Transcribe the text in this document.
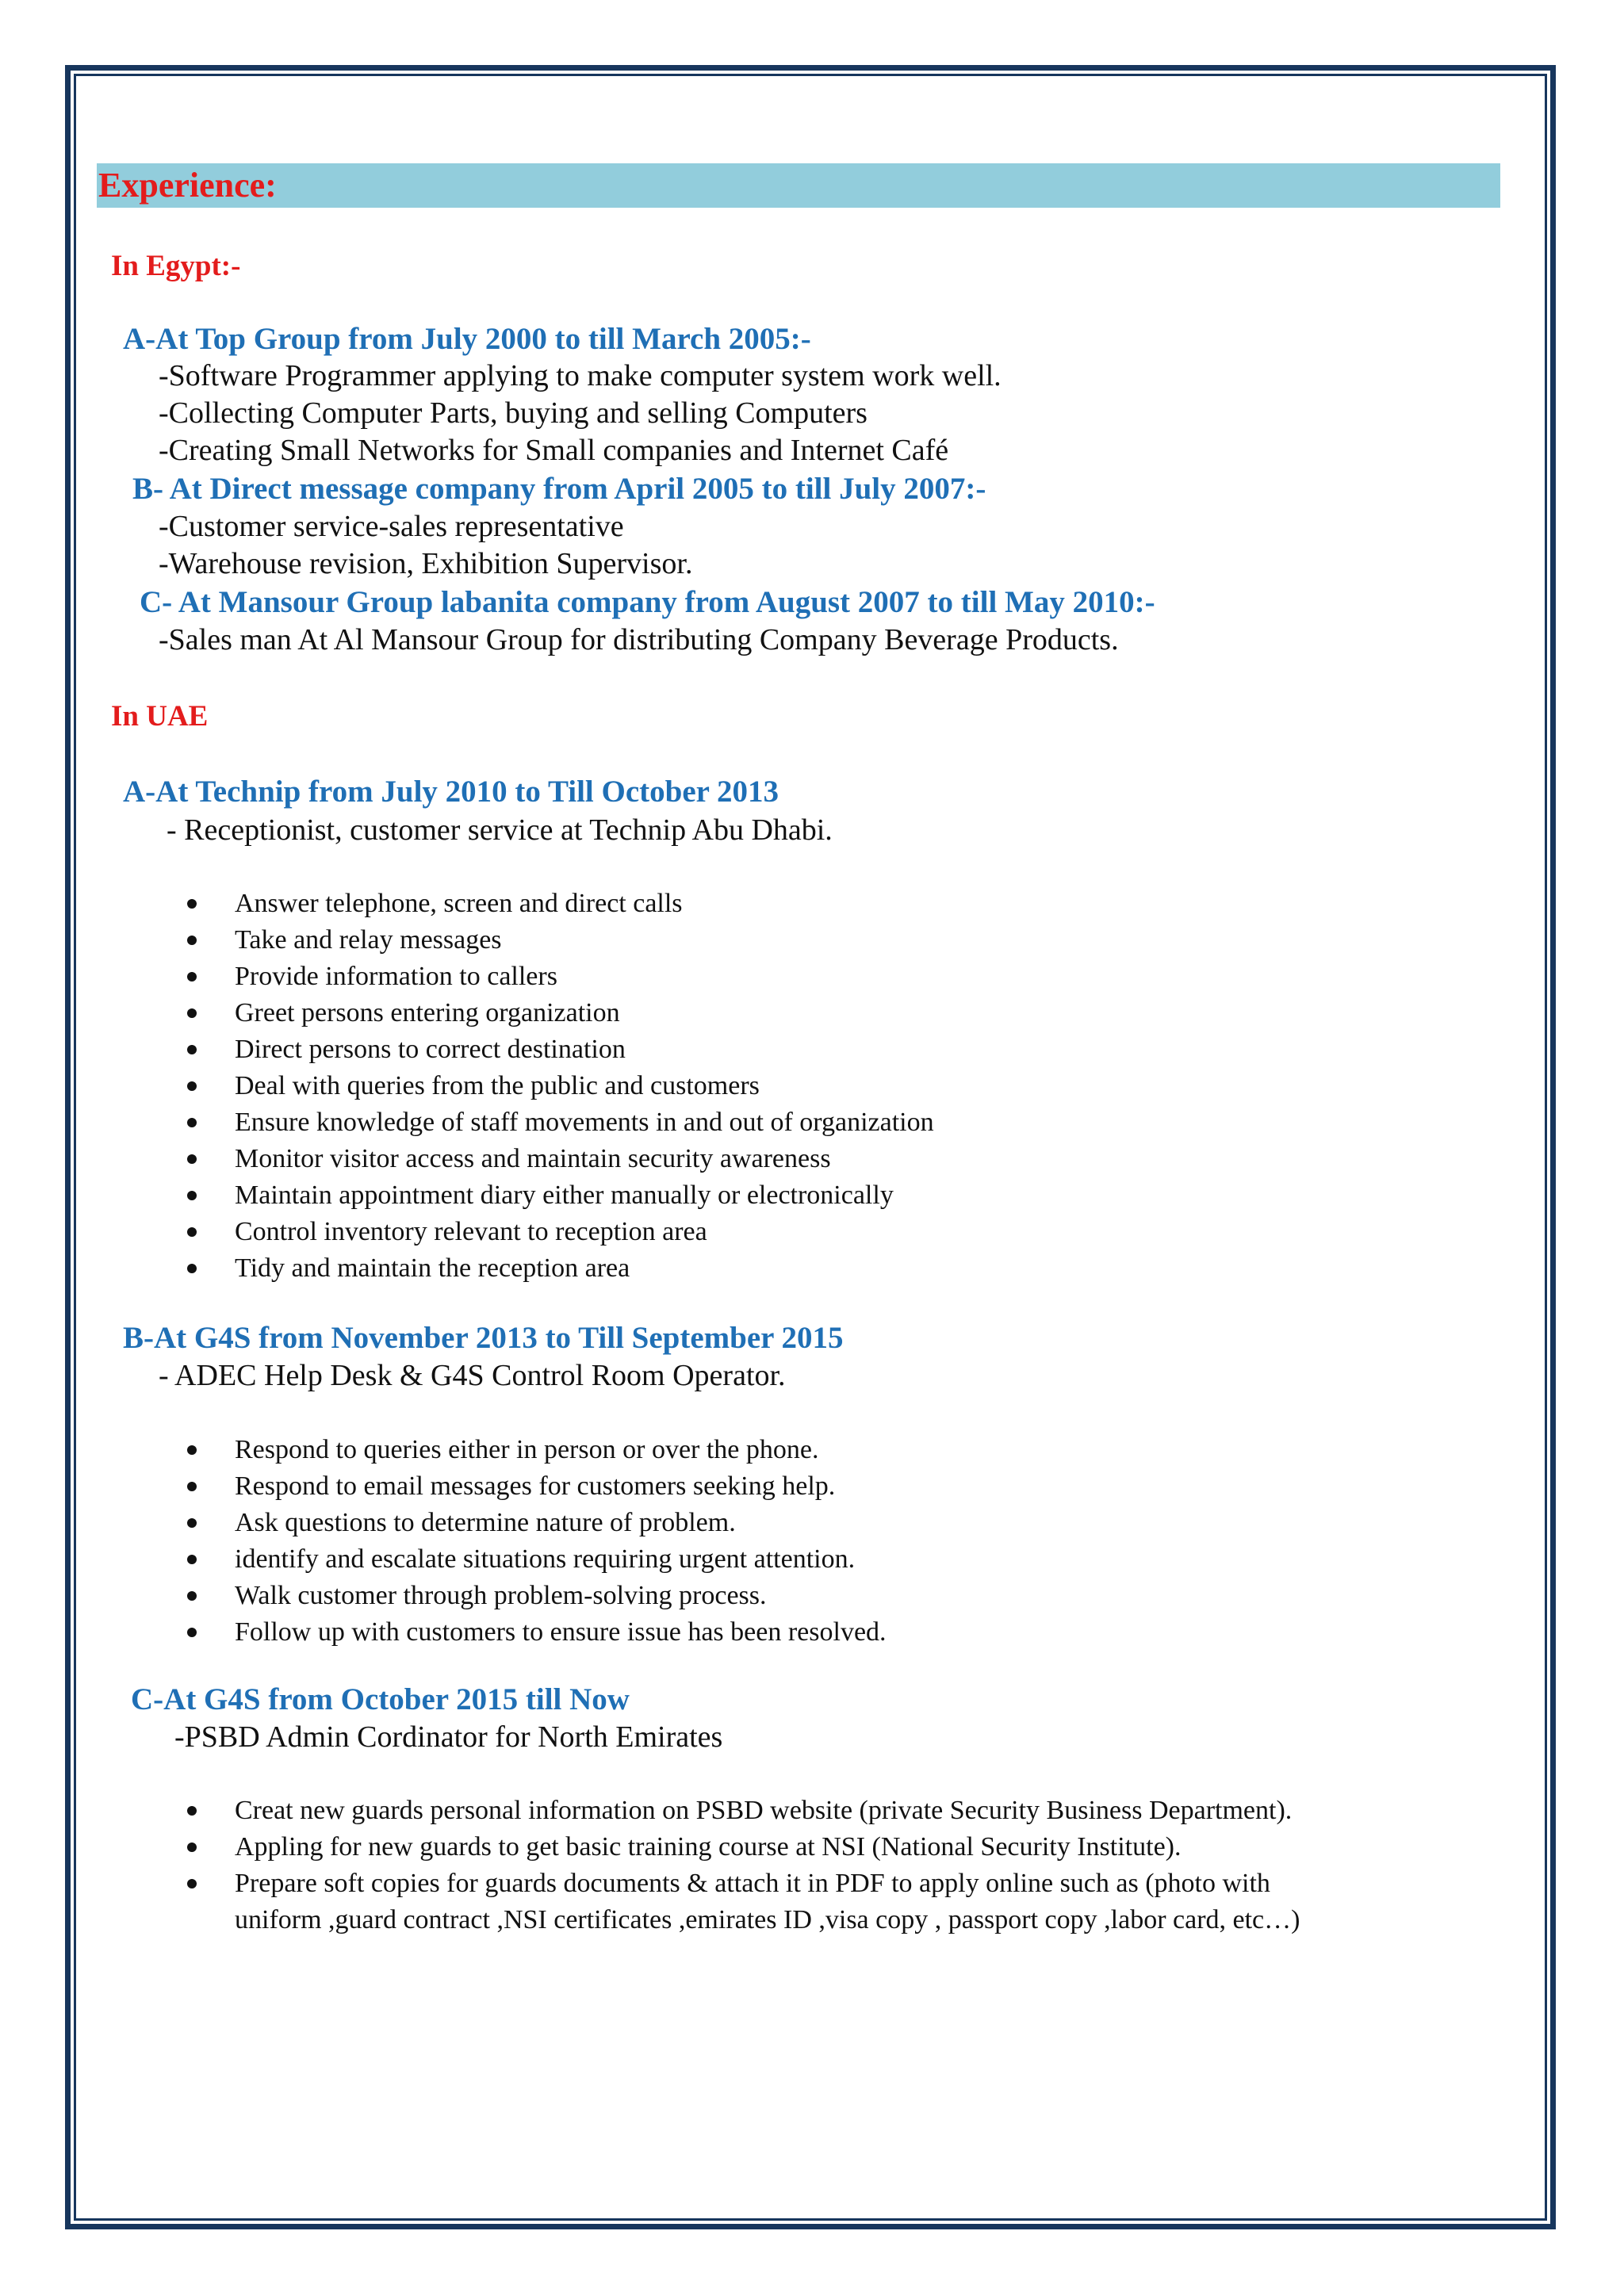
Experience:
In Egypt:-
A-At Top Group from July 2000 to till March 2005:-
-Software Programmer applying to make computer system work well.
-Collecting Computer Parts, buying and selling Computers
-Creating Small Networks for Small companies and Internet Café
B- At Direct message company from April 2005 to till July 2007:-
-Customer service-sales representative
-Warehouse revision, Exhibition Supervisor.
C- At Mansour Group labanita company from August 2007 to till May 2010:-
-Sales man At Al Mansour Group for distributing Company Beverage Products.
In UAE
A-At Technip from July 2010 to Till October 2013
- Receptionist, customer service at Technip Abu Dhabi.
Answer telephone, screen and direct calls
Take and relay messages
Provide information to callers
Greet persons entering organization
Direct persons to correct destination
Deal with queries from the public and customers
Ensure knowledge of staff movements in and out of organization
Monitor visitor access and maintain security awareness
Maintain appointment diary either manually or electronically
Control inventory relevant to reception area
Tidy and maintain the reception area
B-At G4S from November 2013 to Till September 2015
- ADEC Help Desk & G4S Control Room Operator.
Respond to queries either in person or over the phone.
Respond to email messages for customers seeking help.
Ask questions to determine nature of problem.
identify and escalate situations requiring urgent attention.
Walk customer through problem-solving process.
Follow up with customers to ensure issue has been resolved.
C-At G4S from October 2015 till Now
-PSBD Admin Cordinator for North Emirates
Creat new guards personal information on PSBD website (private Security Business Department).
Appling for new guards to get basic training course at NSI (National Security Institute).
Prepare soft copies for guards documents & attach it in PDF to apply online such as (photo with uniform ,guard contract ,NSI certificates ,emirates ID ,visa copy , passport copy ,labor card, etc…)
